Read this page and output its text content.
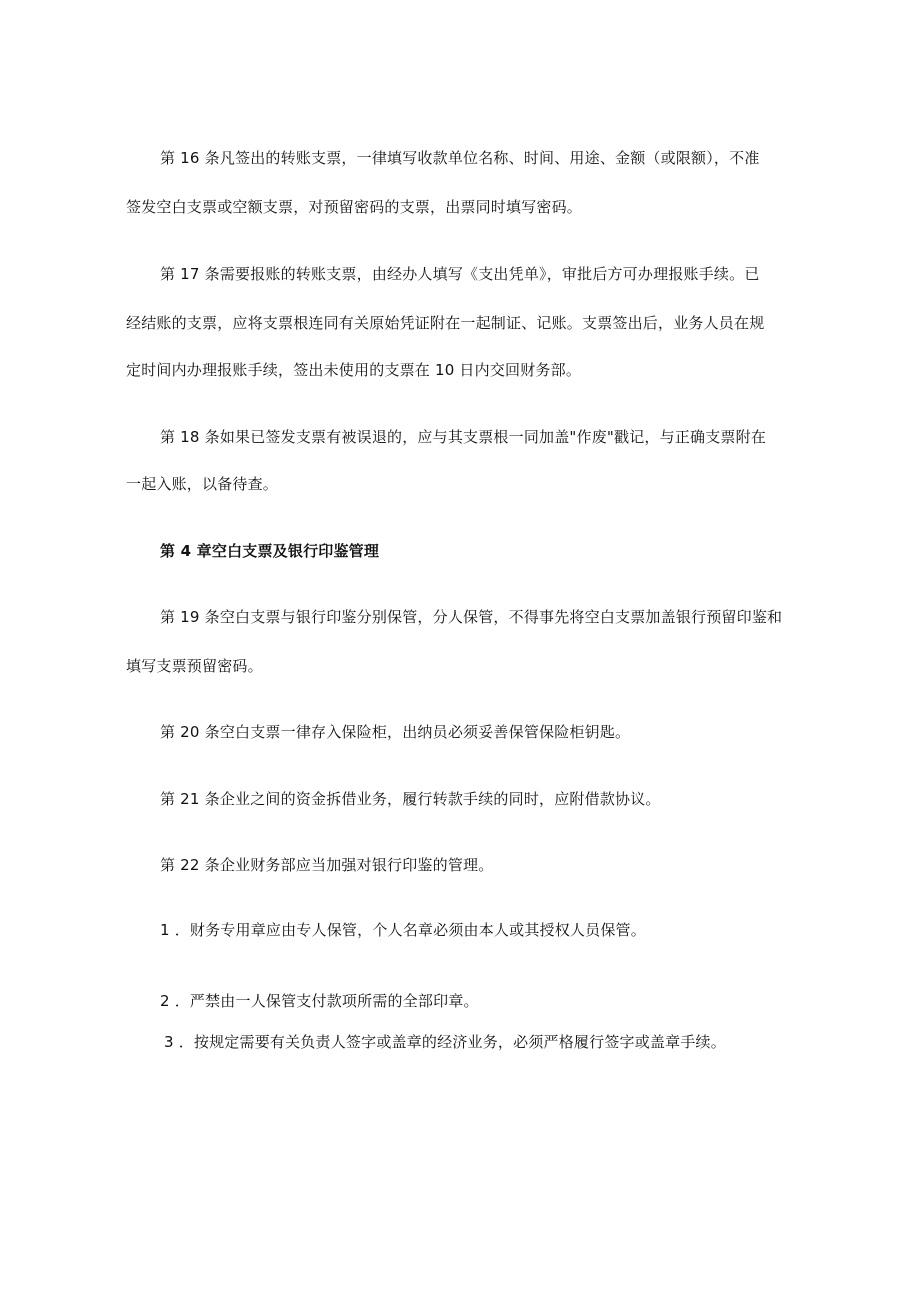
第 16 条凡签出的转账支票，一律填写收款单位名称、时间、用途、金额（或限额），不准
签发空白支票或空额支票，对预留密码的支票，出票同时填写密码。
第 17 条需要报账的转账支票，由经办人填写《支出凭单》，审批后方可办理报账手续。已
经结账的支票，应将支票根连同有关原始凭证附在一起制证、记账。支票签出后，业务人员在规
定时间内办理报账手续，签出未使用的支票在 10 日内交回财务部。
第 18 条如果已签发支票有被误退的，应与其支票根一同加盖"作废"戳记，与正确支票附在
一起入账，以备待查。
第 4 章空白支票及银行印鉴管理
第 19 条空白支票与银行印鉴分别保管，分人保管，不得事先将空白支票加盖银行预留印鉴和
填写支票预留密码。
第 20 条空白支票一律存入保险柜，出纳员必须妥善保管保险柜钥匙。
第 21 条企业之间的资金拆借业务，履行转款手续的同时，应附借款协议。
第 22 条企业财务部应当加强对银行印鉴的管理。
1 ．财务专用章应由专人保管，个人名章必须由本人或其授权人员保管。
2 ．严禁由一人保管支付款项所需的全部印章。
3 ．按规定需要有关负责人签字或盖章的经济业务，必须严格履行签字或盖章手续。
